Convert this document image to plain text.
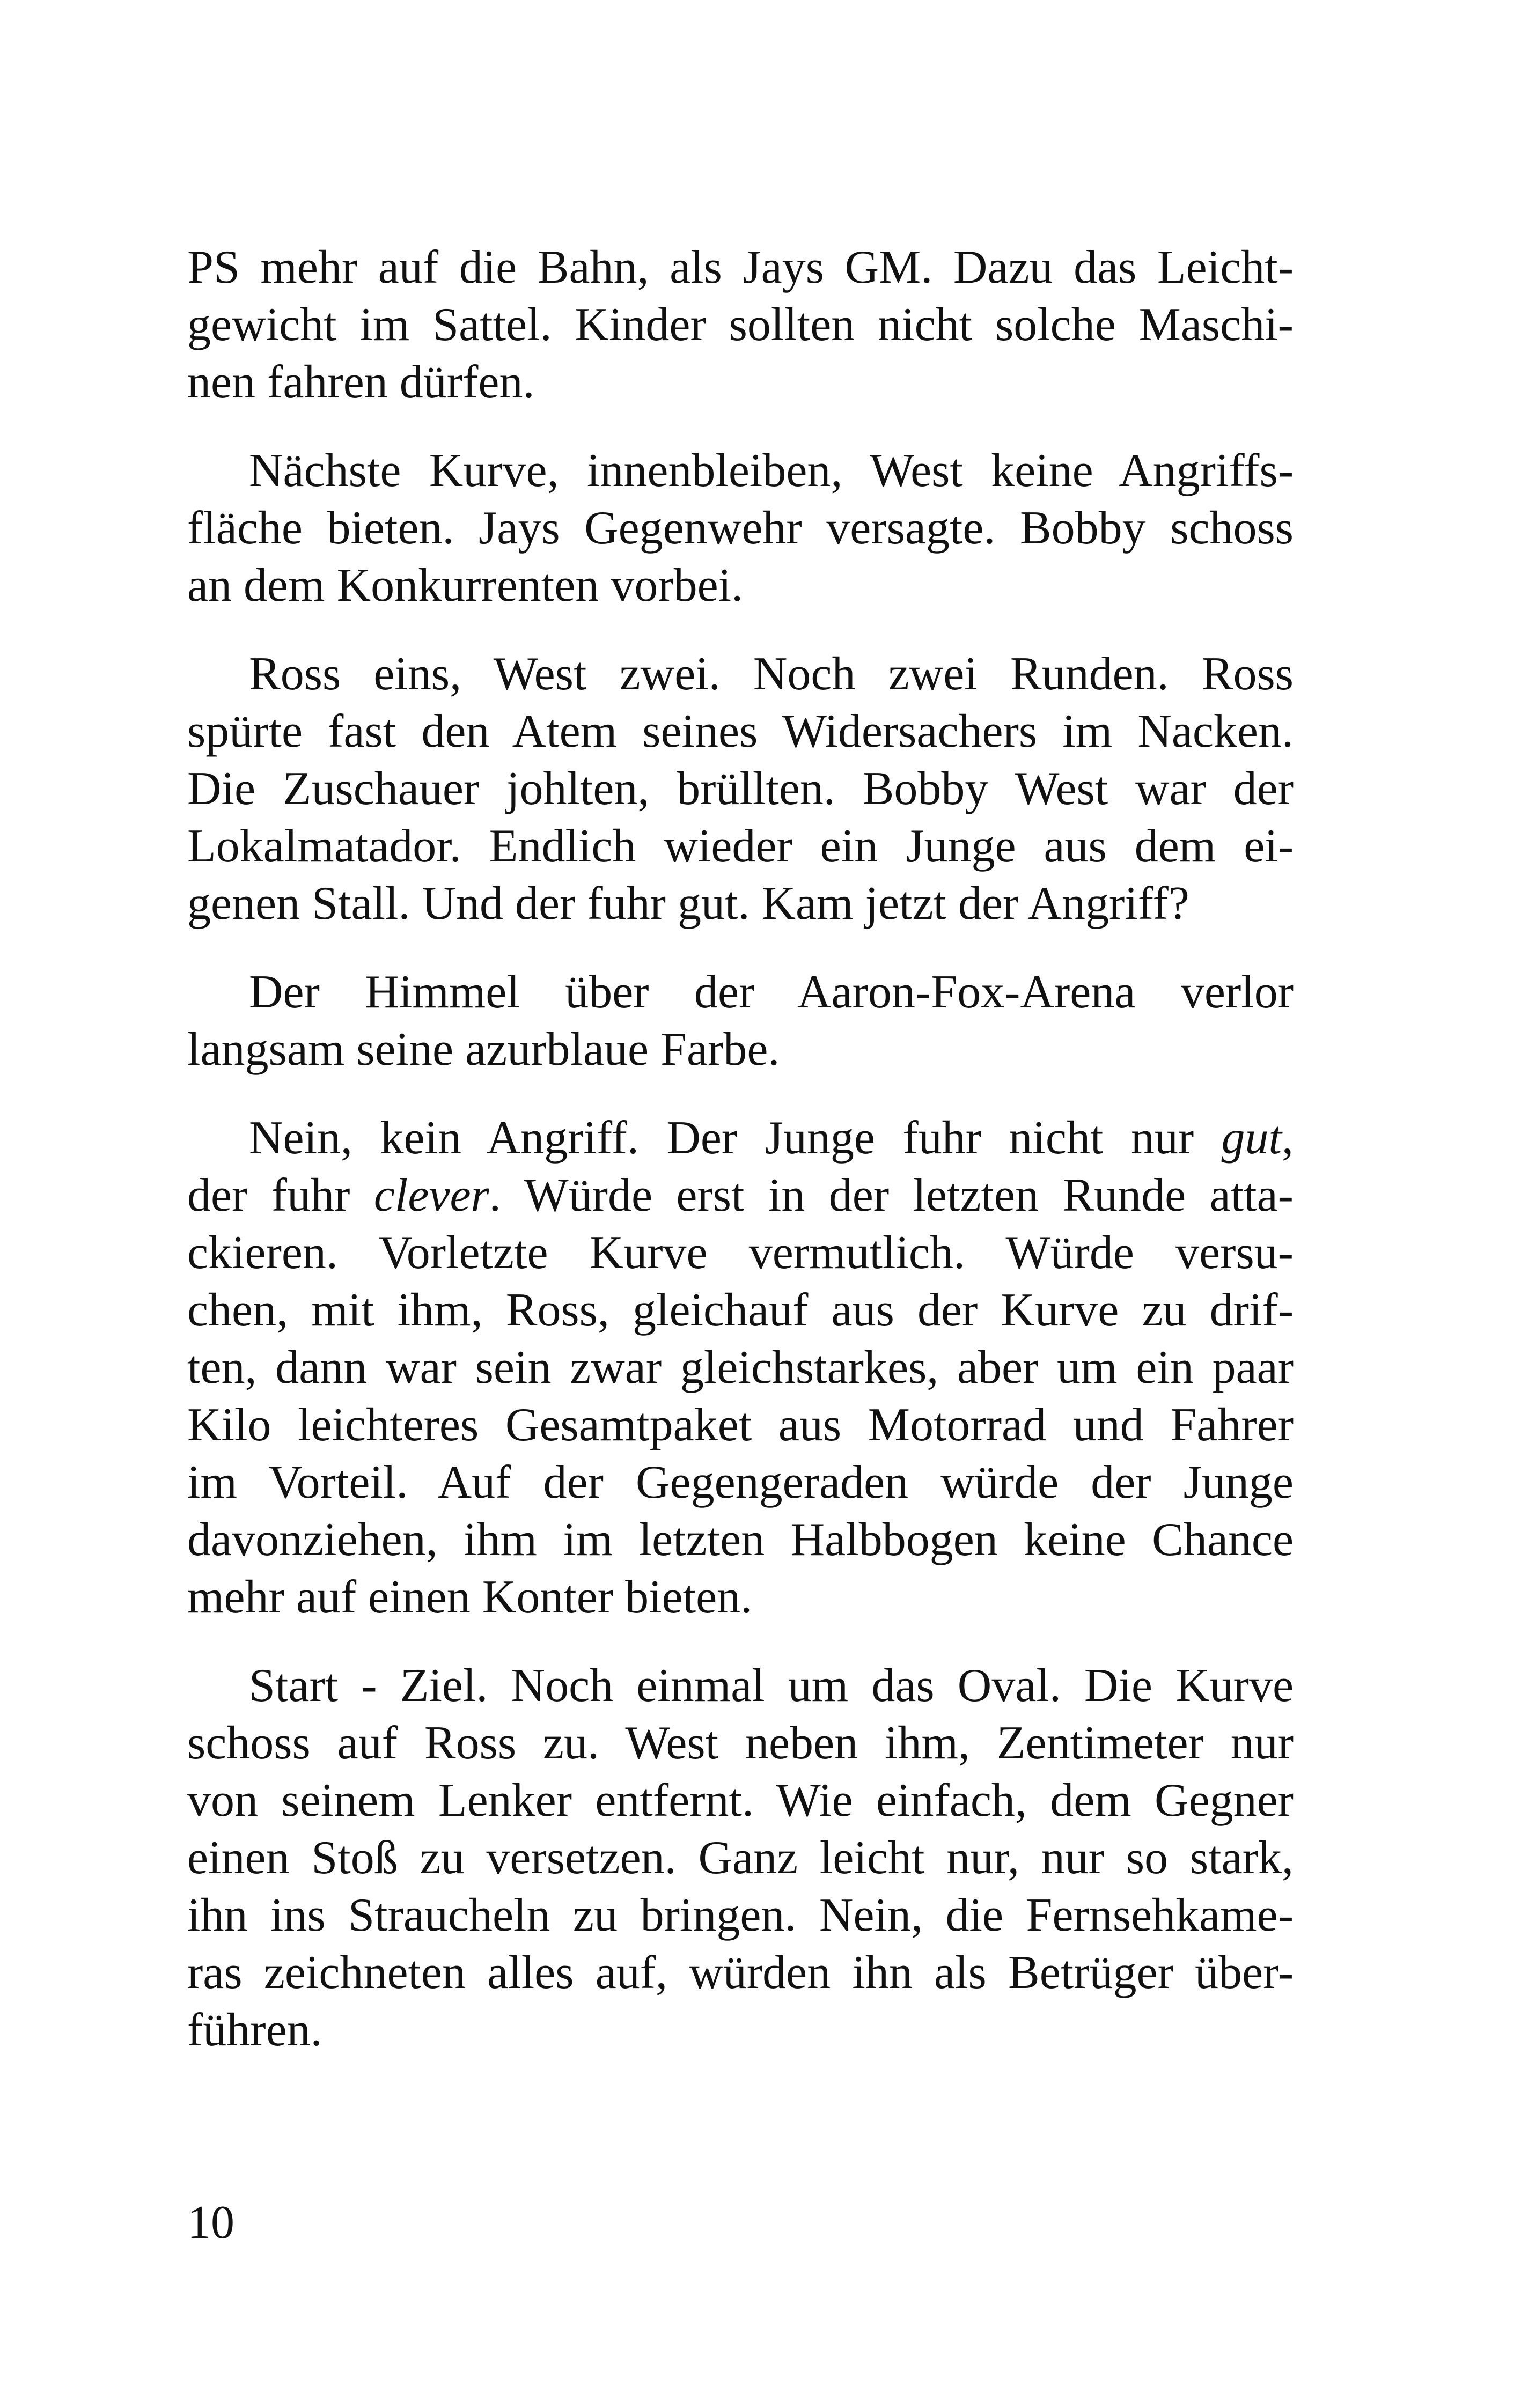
PS mehr auf die Bahn, als Jays GM. Dazu das Leicht-
gewicht im Sattel. Kinder sollten nicht solche Maschi-
nen fahren dürfen.
Nächste Kurve, innenbleiben, West keine Angriffs-
fläche bieten. Jays Gegenwehr versagte. Bobby schoss
an dem Konkurrenten vorbei.
Ross eins, West zwei. Noch zwei Runden. Ross
spürte fast den Atem seines Widersachers im Nacken.
Die Zuschauer johlten, brüllten. Bobby West war der
Lokalmatador. Endlich wieder ein Junge aus dem ei-
genen Stall. Und der fuhr gut. Kam jetzt der Angriff?
Der Himmel über der Aaron-Fox-Arena verlor
langsam seine azurblaue Farbe.
Nein, kein Angriff. Der Junge fuhr nicht nur gut,
der fuhr clever. Würde erst in der letzten Runde atta-
ckieren. Vorletzte Kurve vermutlich. Würde versu-
chen, mit ihm, Ross, gleichauf aus der Kurve zu drif-
ten, dann war sein zwar gleichstarkes, aber um ein paar
Kilo leichteres Gesamtpaket aus Motorrad und Fahrer
im Vorteil. Auf der Gegengeraden würde der Junge
davonziehen, ihm im letzten Halbbogen keine Chance
mehr auf einen Konter bieten.
Start - Ziel. Noch einmal um das Oval. Die Kurve
schoss auf Ross zu. West neben ihm, Zentimeter nur
von seinem Lenker entfernt. Wie einfach, dem Gegner
einen Stoß zu versetzen. Ganz leicht nur, nur so stark,
ihn ins Straucheln zu bringen. Nein, die Fernsehkame-
ras zeichneten alles auf, würden ihn als Betrüger über-
führen.
10
